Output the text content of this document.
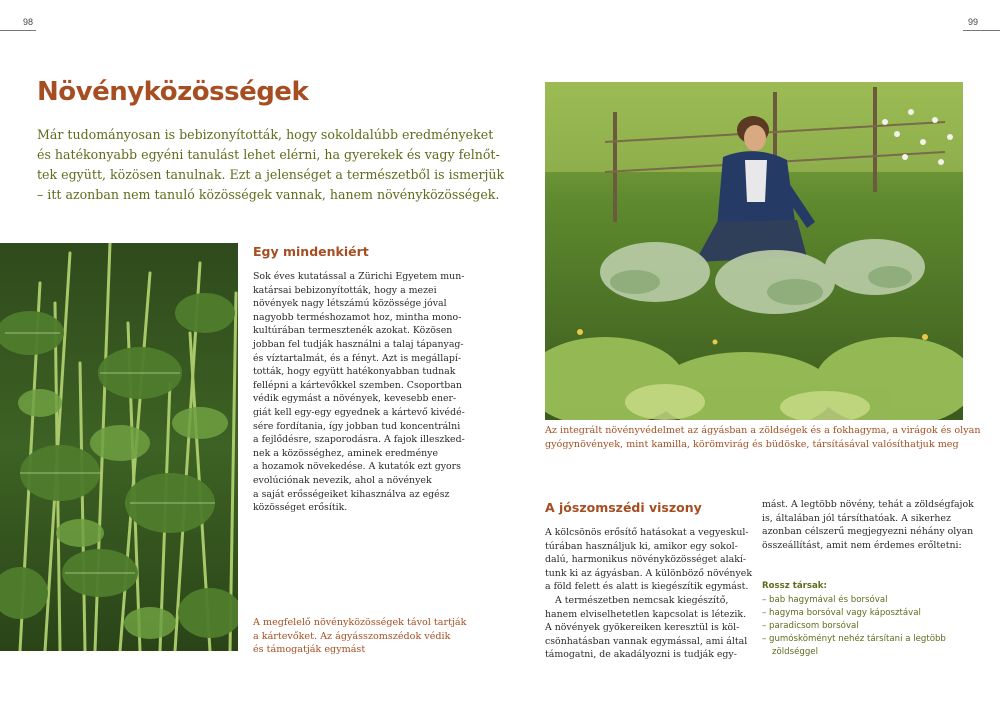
98	99
Növényközösségek
Már tudományosan is bebizonyították, hogy sokoldalúbb eredményeket
és hatékonyabb egyéni tanulást lehet elérni, ha gyerekek és vagy felnőt-
tek együtt, közösen tanulnak. Ezt a jelenséget a természetből is ismerjük
– itt azonban nem tanuló közösségek vannak, hanem növényközösségek.
Egy mindenkiért
Sok éves kutatással a Zürichi Egyetem mun-
katársai bebizonyították, hogy a mezei
növények nagy létszámú közössége jóval
nagyobb terméshozamot hoz, mintha mono-
kultúrában termesztenék azokat. Közösen
jobban fel tudják használni a talaj tápanyag-
és víztartalmát, és a fényt. Azt is megállapí-
tották, hogy együtt hatékonyabban tudnak
fellépni a kártevőkkel szemben. Csoportban
védik egymást a növények, kevesebb ener-
giát kell egy-egy egyednek a kártevő kivédé-
sére fordítania, így jobban tud koncentrálni
a fejlődésre, szaporodásra. A fajok illeszked-
nek a közösséghez, aminek eredménye
a hozamok növekedése. A kutatók ezt gyors
evolúciónak nevezik, ahol a növények
a saját erősségeiket kihasználva az egész
közösséget erősítik.
A megfelelő növényközösségek távol tartják
a kártevőket. Az ágyásszomszédok védik
és támogatják egymást
Az integrált növényvédelmet az ágyásban a zöldségek és a fokhagyma, a virágok és olyan
gyógynövények, mint kamilla, körömvirág és büdöske, társításával valósíthatjuk meg
A jószomszédi viszony
A kölcsönös erősítő hatásokat a vegyeskul-
túrában használjuk ki, amikor egy sokol-
dalú, harmonikus növényközösséget alakí-
tunk ki az ágyásban. A különböző növények
a föld felett és alatt is kiegészítik egymást.
A természetben nemcsak kiegészítő,
hanem elviselhetetlen kapcsolat is létezik.
A növények gyökereiken keresztül is köl-
csönhatásban vannak egymással, ami által
támogatni, de akadályozni is tudják egy-
mást. A legtöbb növény, tehát a zöldségfajok
is, általában jól társíthatóak. A sikerhez
azonban célszerű megjegyezni néhány olyan
összeállítást, amit nem érdemes erőltetni:
Rossz társak:
– bab hagymával és borsóval
– hagyma borsóval vagy káposztával
– paradicsom borsóval
– gumósköményt nehéz társítani a legtöbb
zöldséggel
